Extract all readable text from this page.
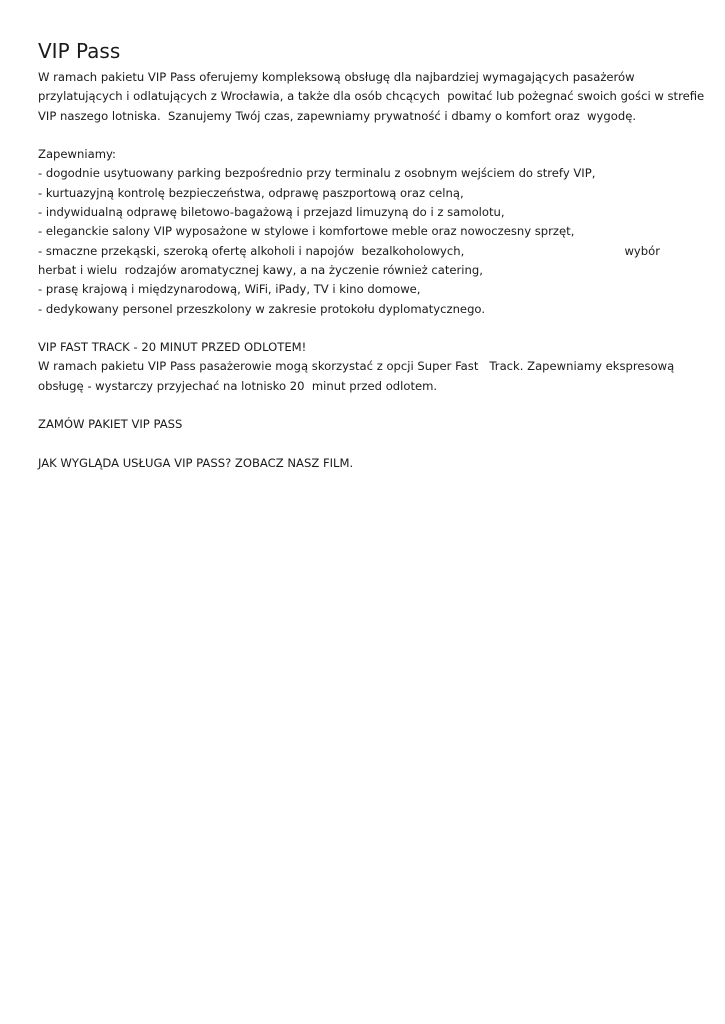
VIP Pass
W ramach pakietu VIP Pass oferujemy kompleksową obsługę dla najbardziej wymagających pasażerów
przylatujących i odlatujących z Wrocławia, a także dla osób chcących  powitać lub pożegnać swoich gości w strefie
VIP naszego lotniska.  Szanujemy Twój czas, zapewniamy prywatność i dbamy o komfort oraz  wygodę.
Zapewniamy:
- dogodnie usytuowany parking bezpośrednio przy terminalu z osobnym wejściem do strefy VIP,
- kurtuazyjną kontrolę bezpieczeństwa, odprawę paszportową oraz celną,
- indywidualną odprawę biletowo-bagażową i przejazd limuzyną do i z samolotu,
- eleganckie salony VIP wyposażone w stylowe i komfortowe meble oraz nowoczesny sprzęt,
- smaczne przekąski, szeroką ofertę alkoholi i napojów  bezalkoholowych,	wybór
herbat i wielu  rodzajów aromatycznej kawy, a na życzenie również catering,
- prasę krajową i międzynarodową, WiFi, iPady, TV i kino domowe,
- dedykowany personel przeszkolony w zakresie protokołu dyplomatycznego.
VIP FAST TRACK - 20 MINUT PRZED ODLOTEM!
W ramach pakietu VIP Pass pasażerowie mogą skorzystać z opcji Super Fast   Track. Zapewniamy ekspresową
obsługę - wystarczy przyjechać na lotnisko 20  minut przed odlotem.
ZAMÓW PAKIET VIP PASS
JAK WYGLĄDA USŁUGA VIP PASS? ZOBACZ NASZ FILM.
